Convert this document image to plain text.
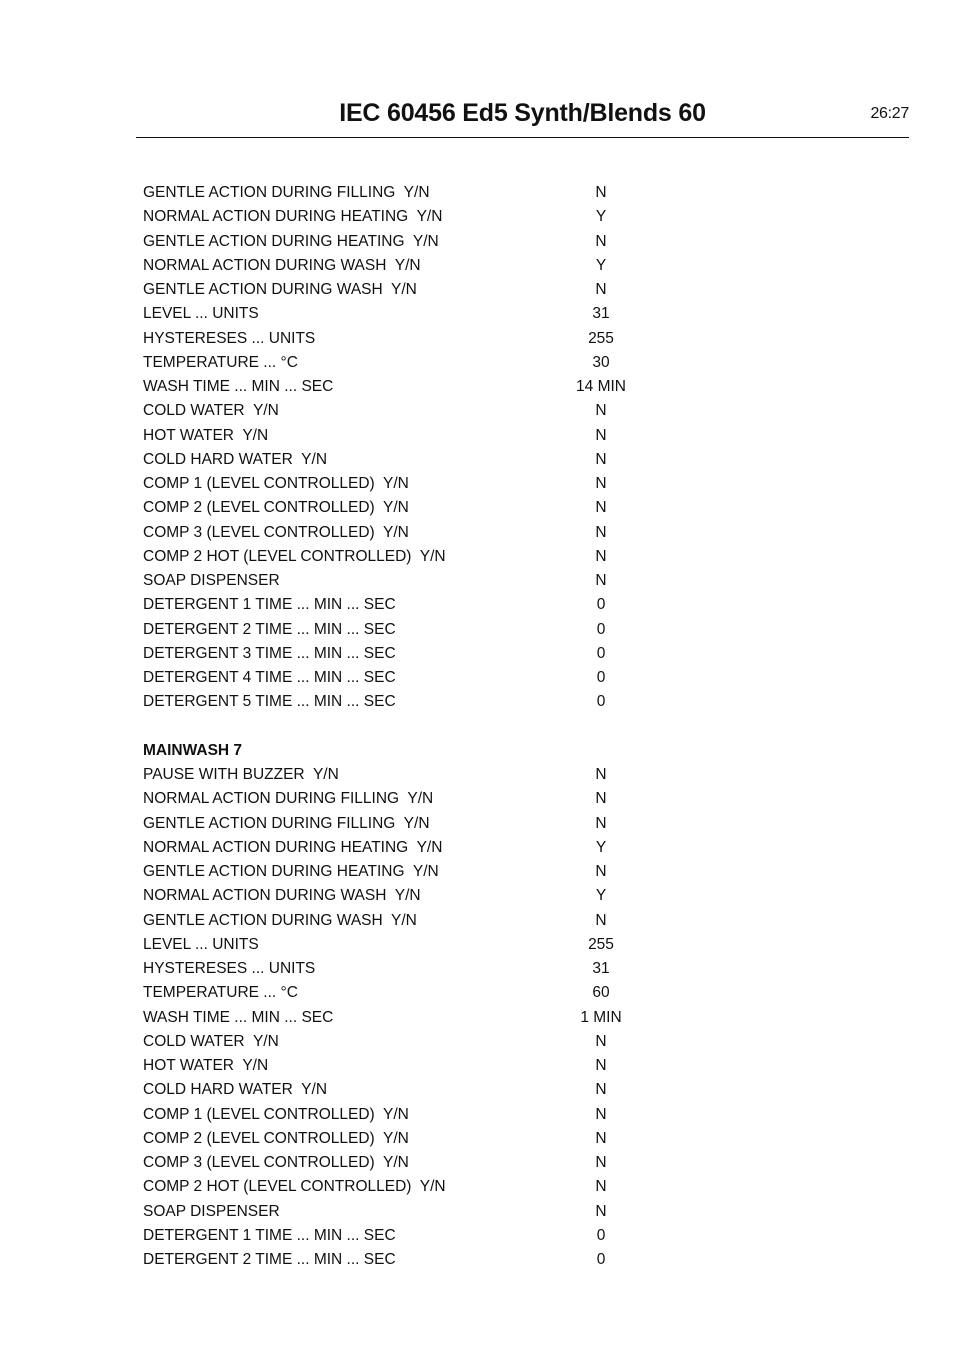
IEC 60456 Ed5 Synth/Blends 60	26:27
GENTLE ACTION DURING FILLING  Y/N	N
NORMAL ACTION DURING HEATING  Y/N	Y
GENTLE ACTION DURING HEATING  Y/N	N
NORMAL ACTION DURING WASH  Y/N	Y
GENTLE ACTION DURING WASH  Y/N	N
LEVEL ... UNITS	31
HYSTERESES ... UNITS	255
TEMPERATURE ... °C	30
WASH TIME ... MIN ... SEC	14 MIN
COLD WATER  Y/N	N
HOT WATER  Y/N	N
COLD HARD WATER  Y/N	N
COMP 1 (LEVEL CONTROLLED)  Y/N	N
COMP 2 (LEVEL CONTROLLED)  Y/N	N
COMP 3 (LEVEL CONTROLLED)  Y/N	N
COMP 2 HOT (LEVEL CONTROLLED)  Y/N	N
SOAP DISPENSER	N
DETERGENT 1 TIME ... MIN ... SEC	0
DETERGENT 2 TIME ... MIN ... SEC	0
DETERGENT 3 TIME ... MIN ... SEC	0
DETERGENT 4 TIME ... MIN ... SEC	0
DETERGENT 5 TIME ... MIN ... SEC	0
MAINWASH 7
PAUSE WITH BUZZER  Y/N	N
NORMAL ACTION DURING FILLING  Y/N	N
GENTLE ACTION DURING FILLING  Y/N	N
NORMAL ACTION DURING HEATING  Y/N	Y
GENTLE ACTION DURING HEATING  Y/N	N
NORMAL ACTION DURING WASH  Y/N	Y
GENTLE ACTION DURING WASH  Y/N	N
LEVEL ... UNITS	255
HYSTERESES ... UNITS	31
TEMPERATURE ... °C	60
WASH TIME ... MIN ... SEC	1 MIN
COLD WATER  Y/N	N
HOT WATER  Y/N	N
COLD HARD WATER  Y/N	N
COMP 1 (LEVEL CONTROLLED)  Y/N	N
COMP 2 (LEVEL CONTROLLED)  Y/N	N
COMP 3 (LEVEL CONTROLLED)  Y/N	N
COMP 2 HOT (LEVEL CONTROLLED)  Y/N	N
SOAP DISPENSER	N
DETERGENT 1 TIME ... MIN ... SEC	0
DETERGENT 2 TIME ... MIN ... SEC	0
